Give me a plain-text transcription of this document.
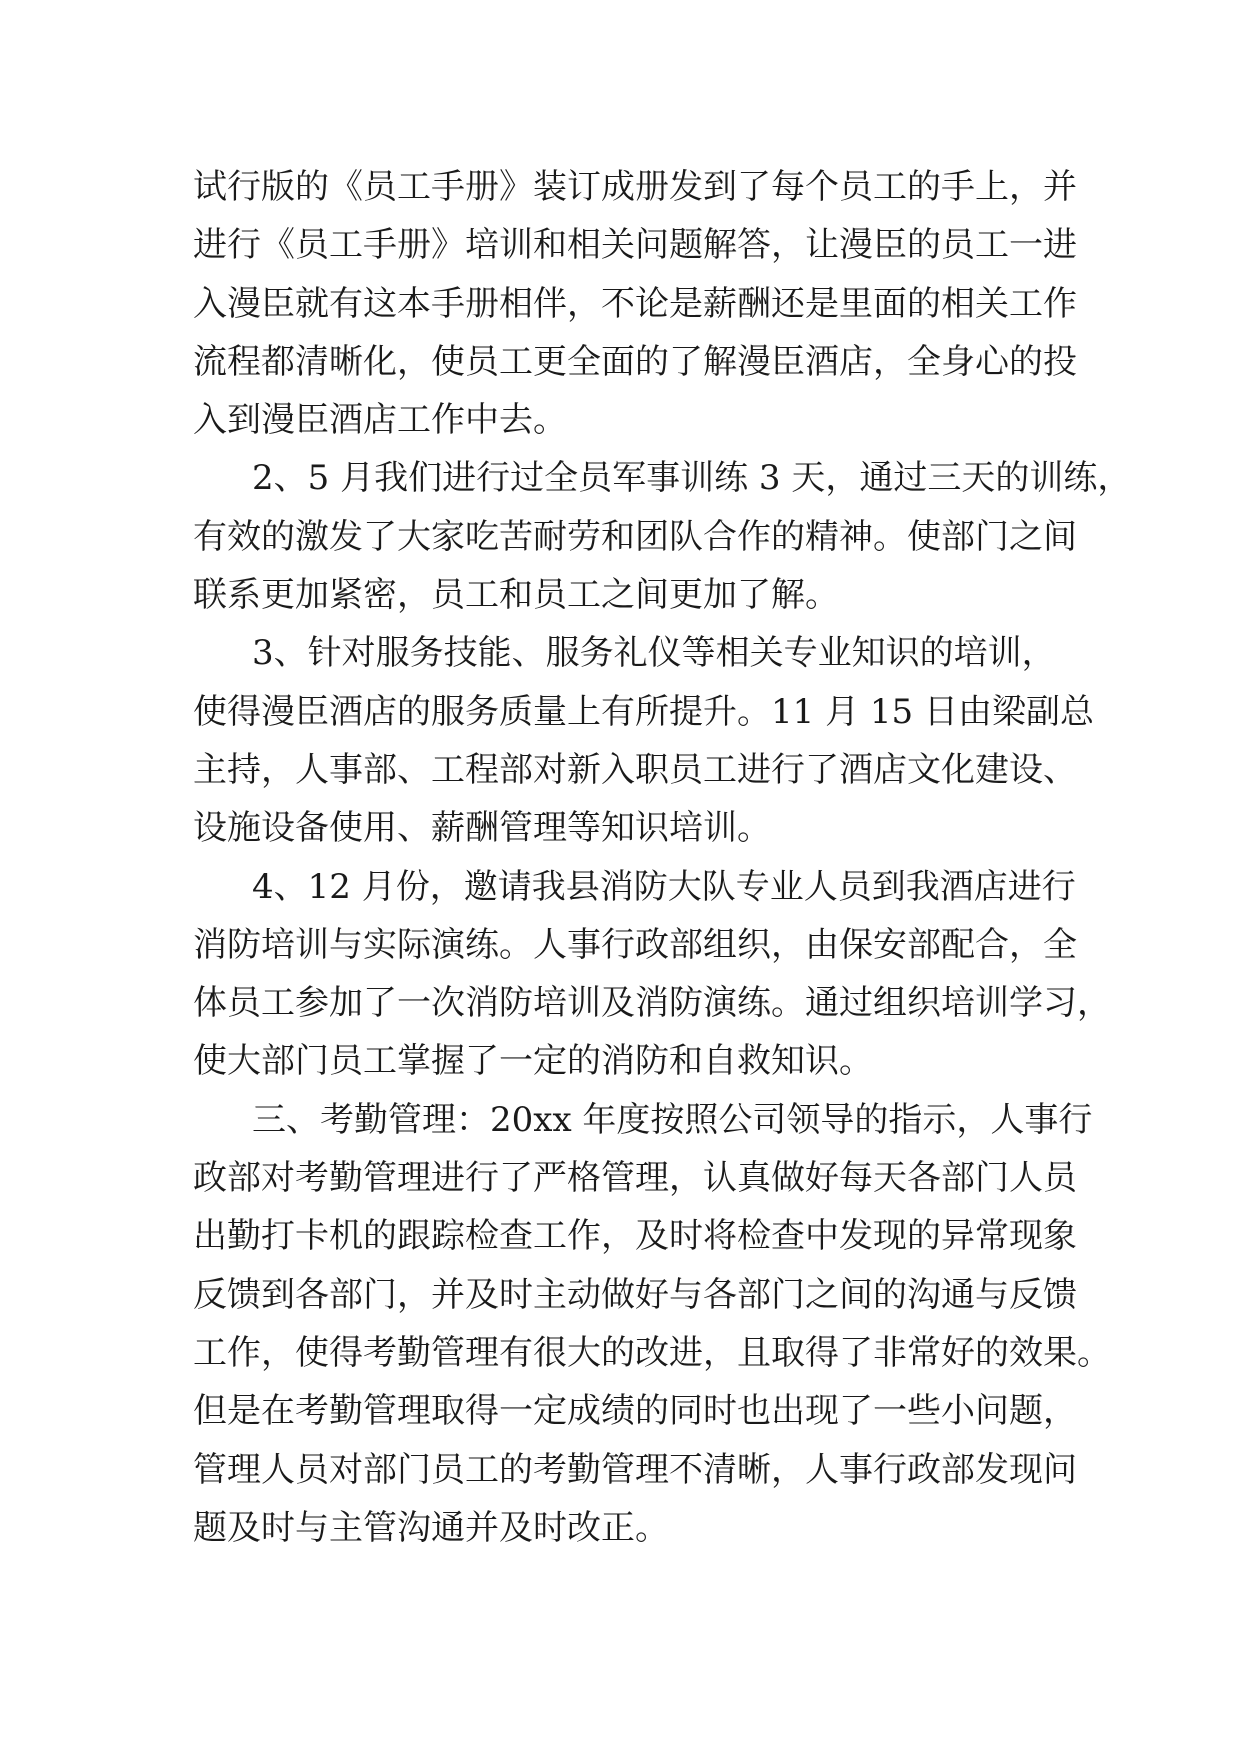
试行版的《员工手册》装订成册发到了每个员工的手上，并
进行《员工手册》培训和相关问题解答，让漫臣的员工一进
入漫臣就有这本手册相伴，不论是薪酬还是里面的相关工作
流程都清晰化，使员工更全面的了解漫臣酒店，全身心的投
入到漫臣酒店工作中去。
2、5 月我们进行过全员军事训练 3 天，通过三天的训练，
有效的激发了大家吃苦耐劳和团队合作的精神。使部门之间
联系更加紧密，员工和员工之间更加了解。
3、针对服务技能、服务礼仪等相关专业知识的培训，
使得漫臣酒店的服务质量上有所提升。11 月 15 日由梁副总
主持，人事部、工程部对新入职员工进行了酒店文化建设、
设施设备使用、薪酬管理等知识培训。
4、12 月份，邀请我县消防大队专业人员到我酒店进行
消防培训与实际演练。人事行政部组织，由保安部配合，全
体员工参加了一次消防培训及消防演练。通过组织培训学习，
使大部门员工掌握了一定的消防和自救知识。
三、考勤管理：20xx 年度按照公司领导的指示，人事行
政部对考勤管理进行了严格管理，认真做好每天各部门人员
出勤打卡机的跟踪检查工作，及时将检查中发现的异常现象
反馈到各部门，并及时主动做好与各部门之间的沟通与反馈
工作，使得考勤管理有很大的改进，且取得了非常好的效果。
但是在考勤管理取得一定成绩的同时也出现了一些小问题，
管理人员对部门员工的考勤管理不清晰，人事行政部发现问
题及时与主管沟通并及时改正。
